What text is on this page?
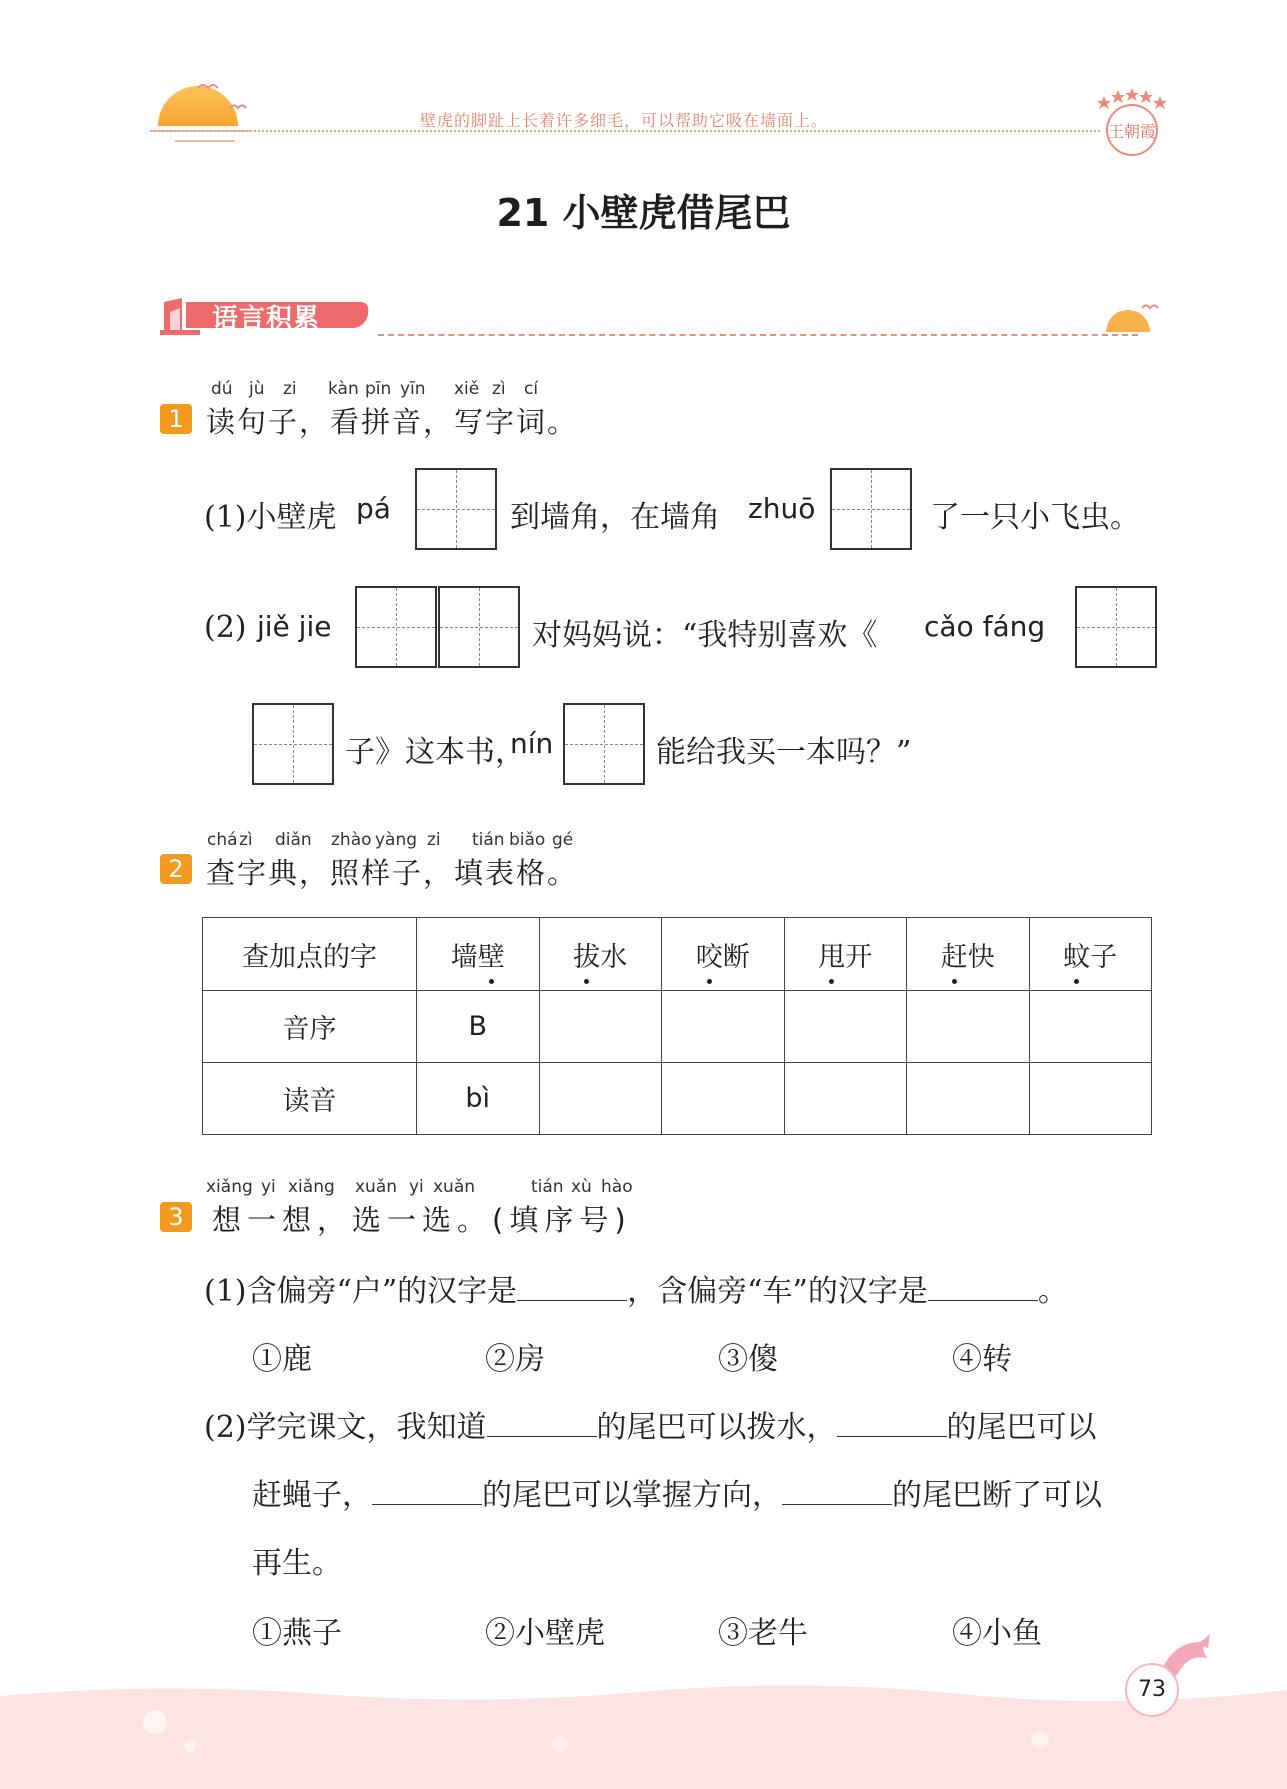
壁虎的脚趾上长着许多细毛，可以帮助它吸在墙面上。
王朝霞
21 小壁虎借尾巴
语言积累
1
dú jù zi kàn pīn yīn xiě zì cí
读句子，看拼音，写字词。
(1)小壁虎 pá	到墙角，在墙角 zhuō	了一只小飞虫。
(2) jiě jie	对妈妈说：“我特别喜欢《 cǎo fáng
子》这本书，
nín	能给我买一本吗？”
2
chá zì diǎn zhào yàng zi tián biǎo gé
查字典，照样子，填表格。
查加点的字	墙壁	拔水	咬断	甩开	赶快	蚊子
音序	B					
读音	bì					
3
xiǎng yi xiǎng xuǎn yi xuǎn	tián xù hào
想一想，选一选。(填序号)
(1)含偏旁“户”的汉字是	，含偏旁“车”的汉字是	。
①鹿	②房	③傻	④转
(2)学完课文，我知道	的尾巴可以拨水，	的尾巴可以
赶蝇子，	的尾巴可以掌握方向，	的尾巴断了可以
再生。
①燕子	②小壁虎	③老牛	④小鱼
73
